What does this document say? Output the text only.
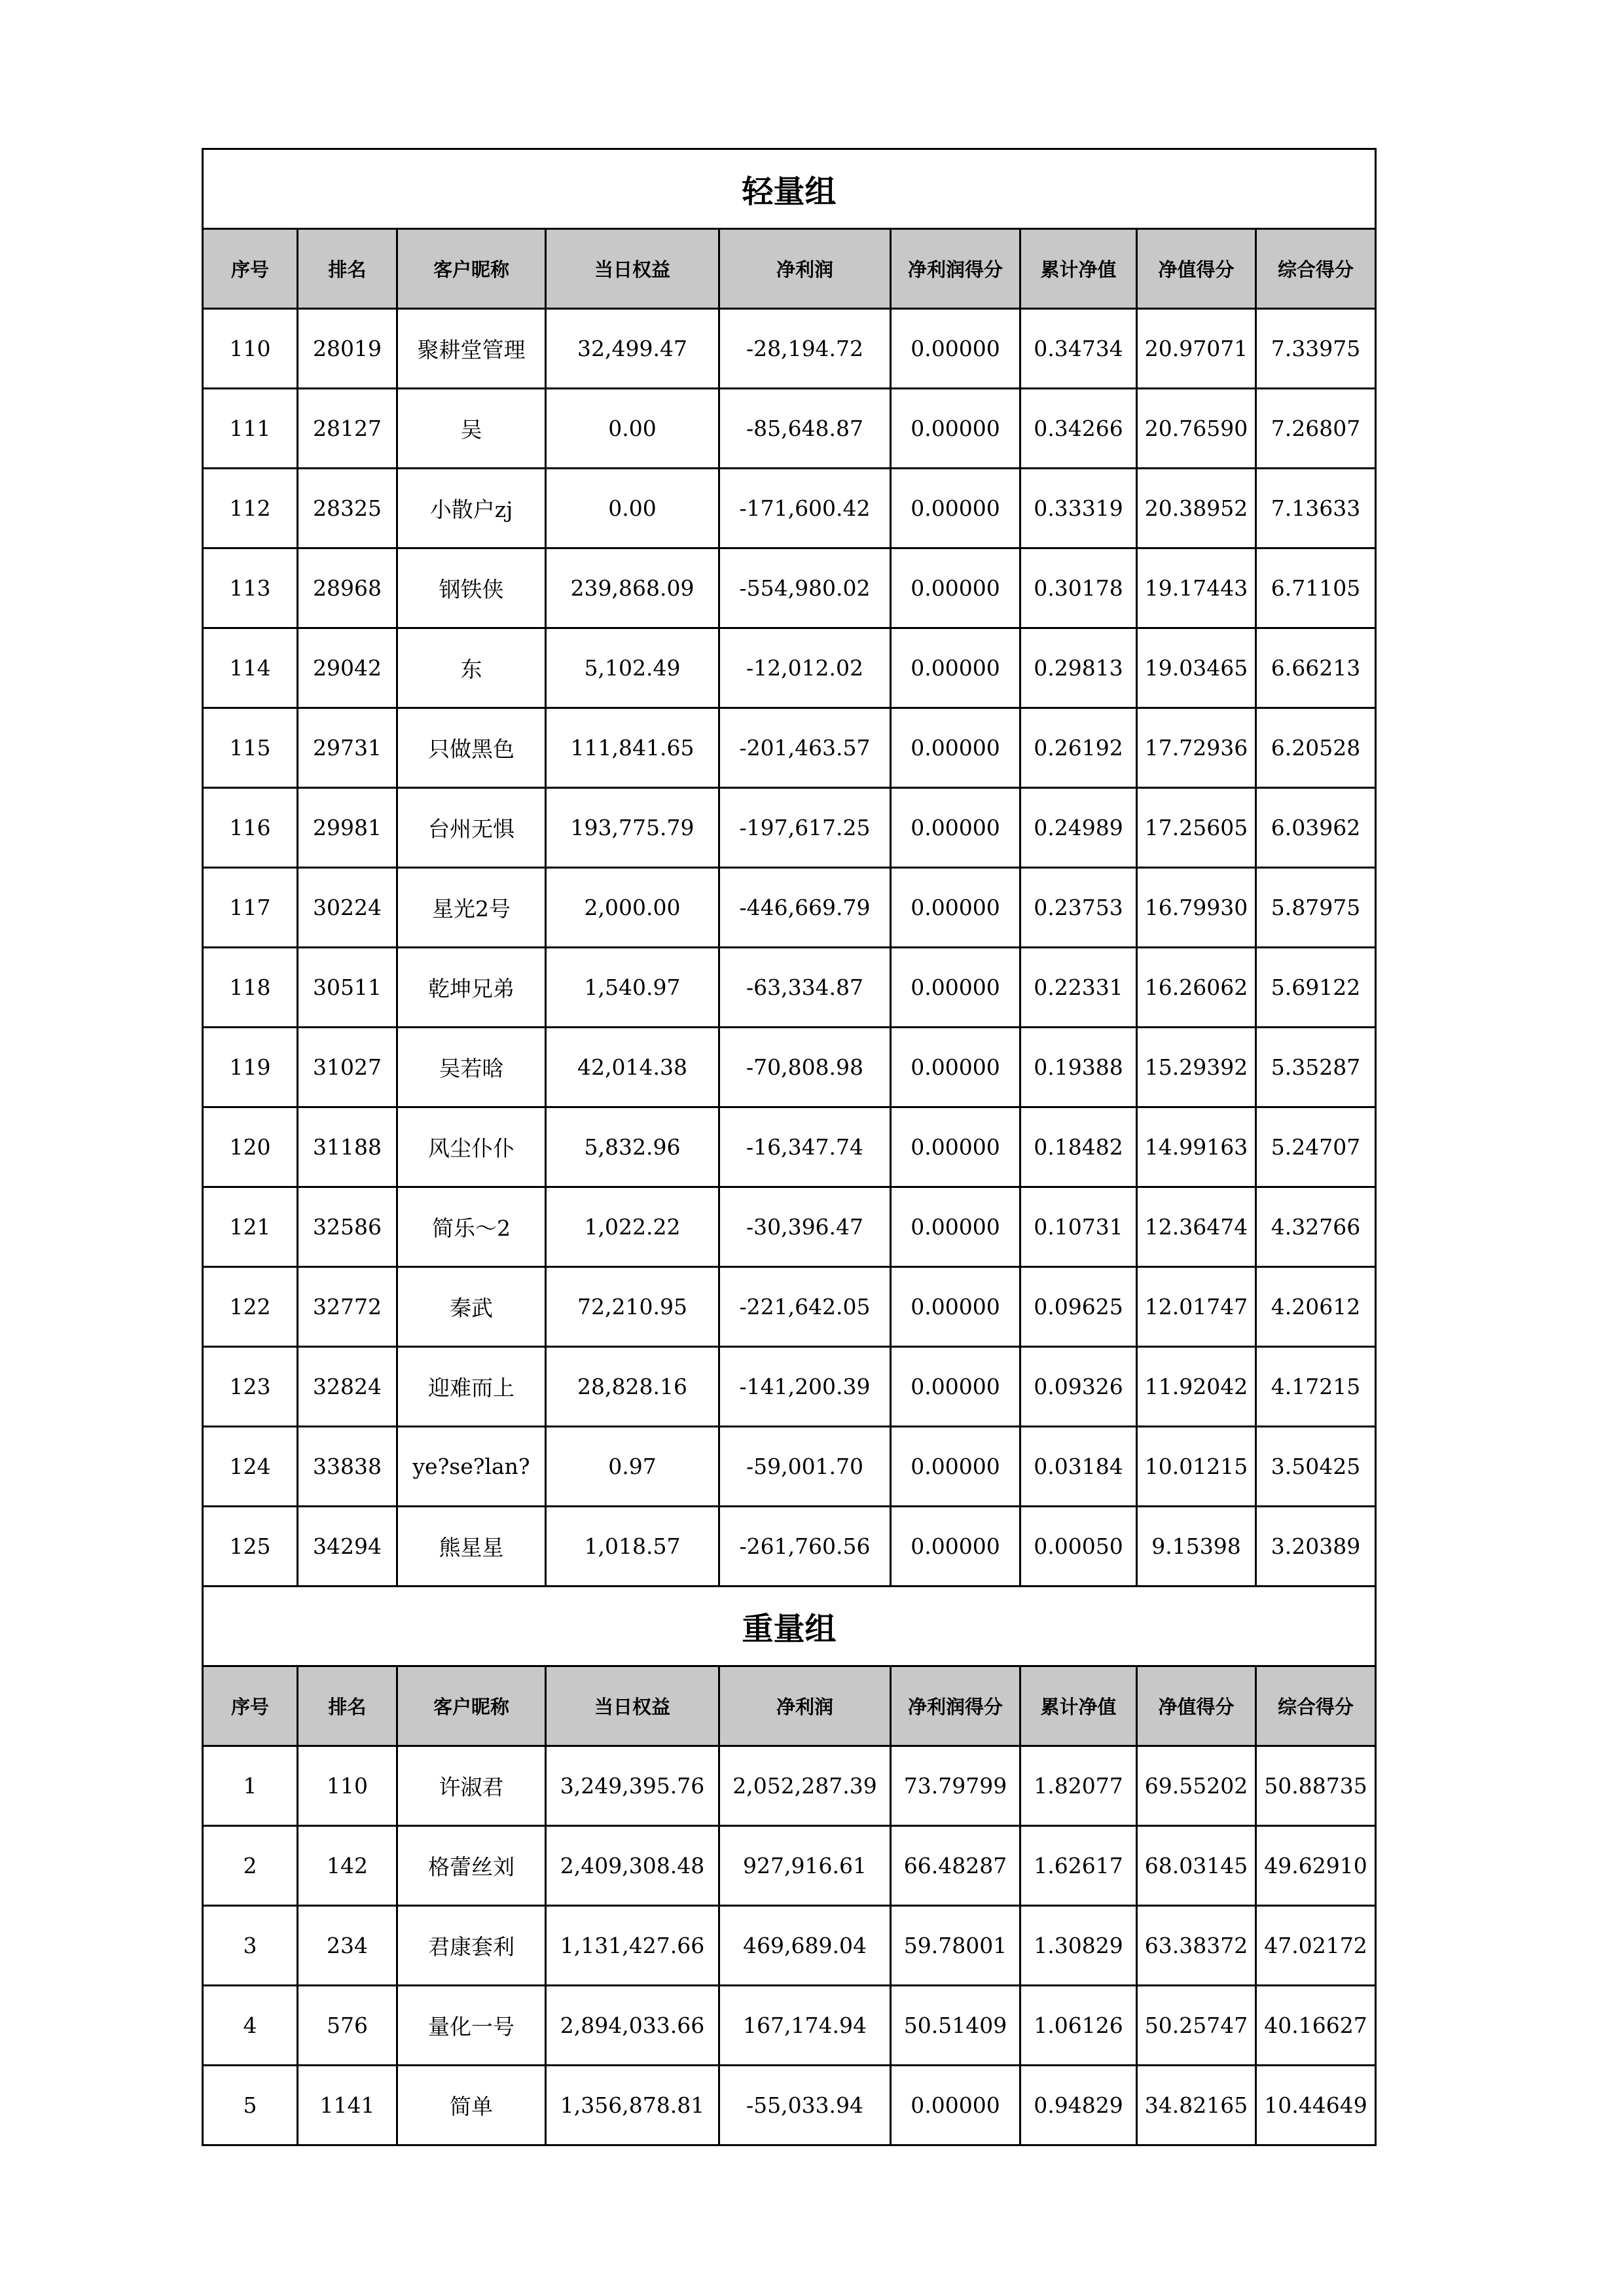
轻量组								
序号	排名	客户昵称	当日权益	净利润	净利润得分	累计净值	净值得分	综合得分
110	28019	聚耕堂管理	32,499.47	-28,194.72	0.00000	0.34734	20.97071	7.33975
111	28127	吴	0.00	-85,648.87	0.00000	0.34266	20.76590	7.26807
112	28325	小散户zj	0.00	-171,600.42	0.00000	0.33319	20.38952	7.13633
113	28968	钢铁侠	239,868.09	-554,980.02	0.00000	0.30178	19.17443	6.71105
114	29042	东	5,102.49	-12,012.02	0.00000	0.29813	19.03465	6.66213
115	29731	只做黑色	111,841.65	-201,463.57	0.00000	0.26192	17.72936	6.20528
116	29981	台州无惧	193,775.79	-197,617.25	0.00000	0.24989	17.25605	6.03962
117	30224	星光2号	2,000.00	-446,669.79	0.00000	0.23753	16.79930	5.87975
118	30511	乾坤兄弟	1,540.97	-63,334.87	0.00000	0.22331	16.26062	5.69122
119	31027	吴若晗	42,014.38	-70,808.98	0.00000	0.19388	15.29392	5.35287
120	31188	风尘仆仆	5,832.96	-16,347.74	0.00000	0.18482	14.99163	5.24707
121	32586	简乐～2	1,022.22	-30,396.47	0.00000	0.10731	12.36474	4.32766
122	32772	秦武	72,210.95	-221,642.05	0.00000	0.09625	12.01747	4.20612
123	32824	迎难而上	28,828.16	-141,200.39	0.00000	0.09326	11.92042	4.17215
124	33838	ye?se?lan?	0.97	-59,001.70	0.00000	0.03184	10.01215	3.50425
125	34294	熊星星	1,018.57	-261,760.56	0.00000	0.00050	9.15398	3.20389
重量组								
序号	排名	客户昵称	当日权益	净利润	净利润得分	累计净值	净值得分	综合得分
1	110	许淑君	3,249,395.76	2,052,287.39	73.79799	1.82077	69.55202	50.88735
2	142	格蕾丝刘	2,409,308.48	927,916.61	66.48287	1.62617	68.03145	49.62910
3	234	君康套利	1,131,427.66	469,689.04	59.78001	1.30829	63.38372	47.02172
4	576	量化一号	2,894,033.66	167,174.94	50.51409	1.06126	50.25747	40.16627
5	1141	简单	1,356,878.81	-55,033.94	0.00000	0.94829	34.82165	10.44649
